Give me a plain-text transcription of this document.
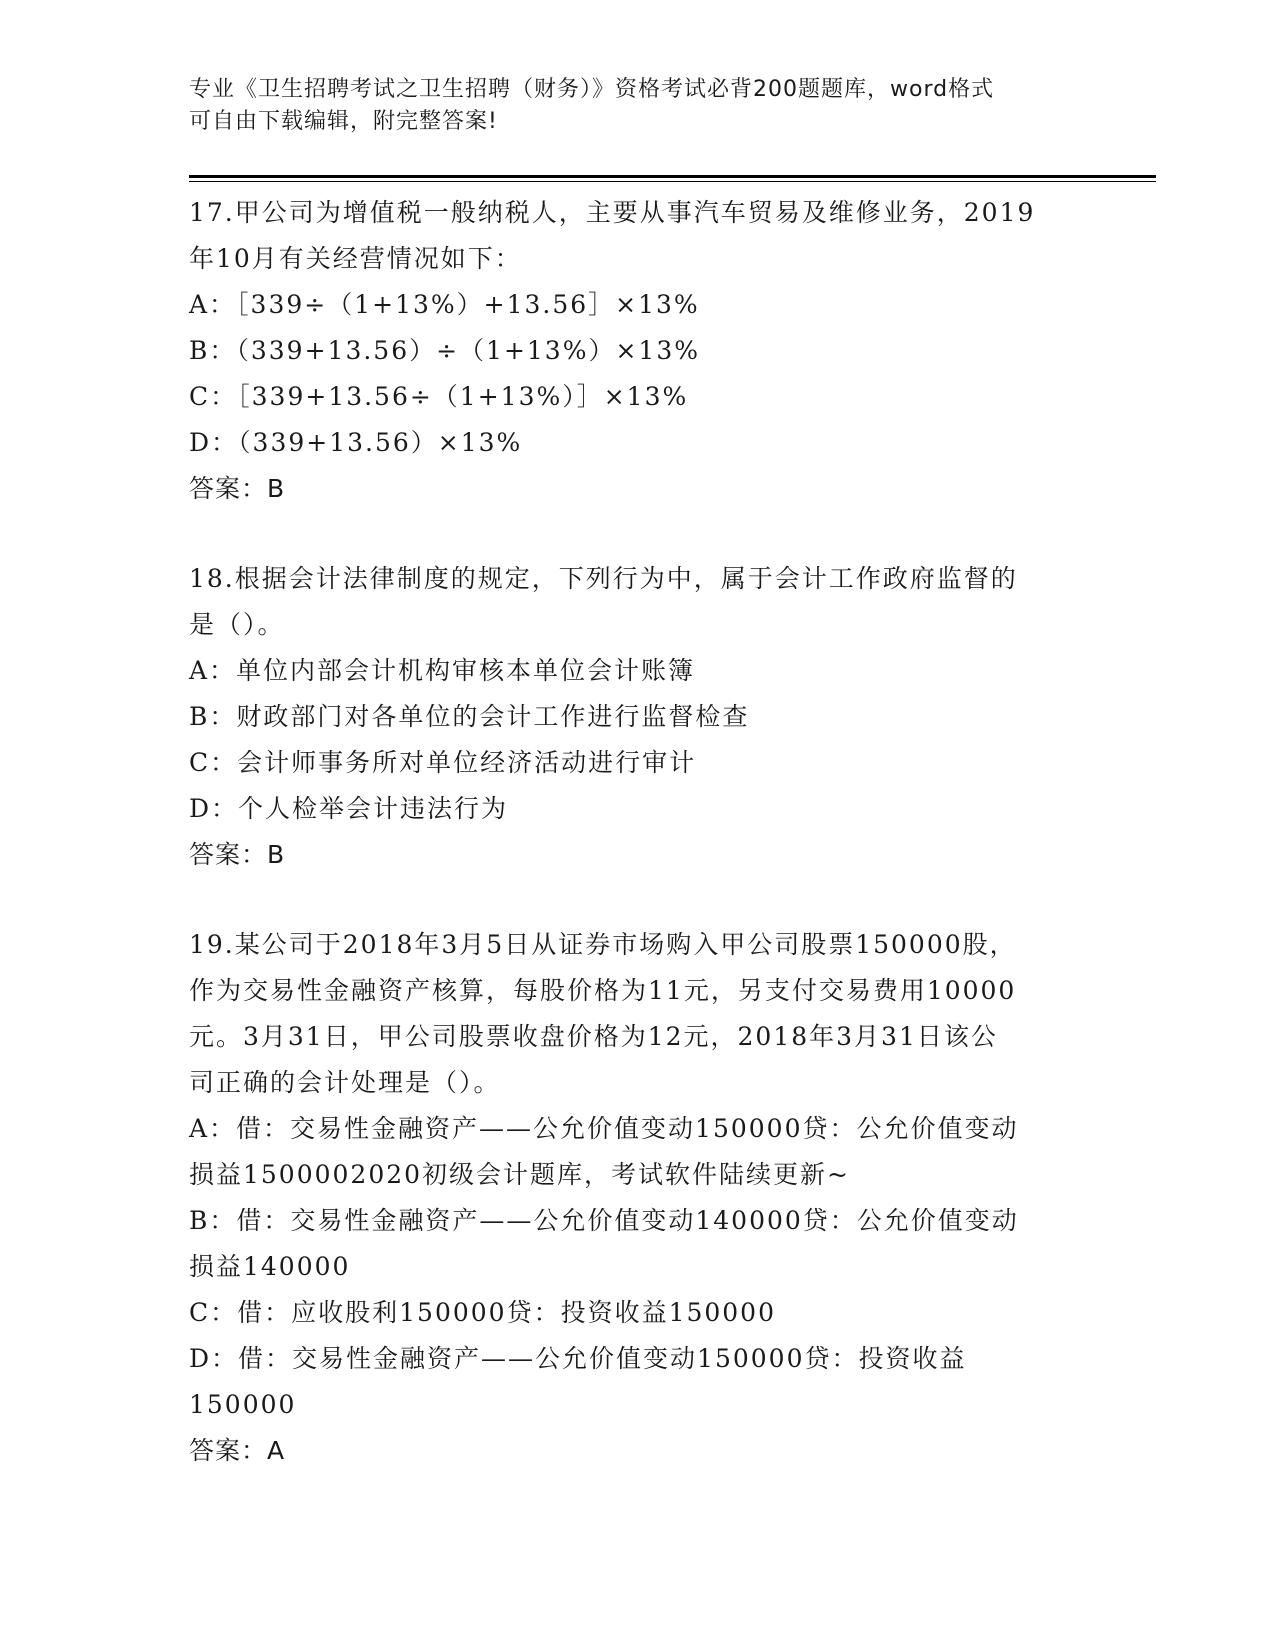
专业《卫生招聘考试之卫生招聘（财务）》资格考试必背200题题库，word格式
可自由下载编辑，附完整答案!
17.甲公司为增值税一般纳税人，主要从事汽车贸易及维修业务，2019
年10月有关经营情况如下：
A：［339÷（1+13%）+13.56］×13%
B：（339+13.56）÷（1+13%）×13%
C：［339+13.56÷（1+13%）］×13%
D：（339+13.56）×13%
答案：B
18.根据会计法律制度的规定，下列行为中，属于会计工作政府监督的
是（）。
A：单位内部会计机构审核本单位会计账簿
B：财政部门对各单位的会计工作进行监督检查
C：会计师事务所对单位经济活动进行审计
D：个人检举会计违法行为
答案：B
19.某公司于2018年3月5日从证券市场购入甲公司股票150000股，
作为交易性金融资产核算，每股价格为11元，另支付交易费用10000
元。3月31日，甲公司股票收盘价格为12元，2018年3月31日该公
司正确的会计处理是（）。
A：借：交易性金融资产——公允价值变动150000贷：公允价值变动
损益1500002020初级会计题库，考试软件陆续更新~
B：借：交易性金融资产——公允价值变动140000贷：公允价值变动
损益140000
C：借：应收股利150000贷：投资收益150000
D：借：交易性金融资产——公允价值变动150000贷：投资收益
150000
答案：A
